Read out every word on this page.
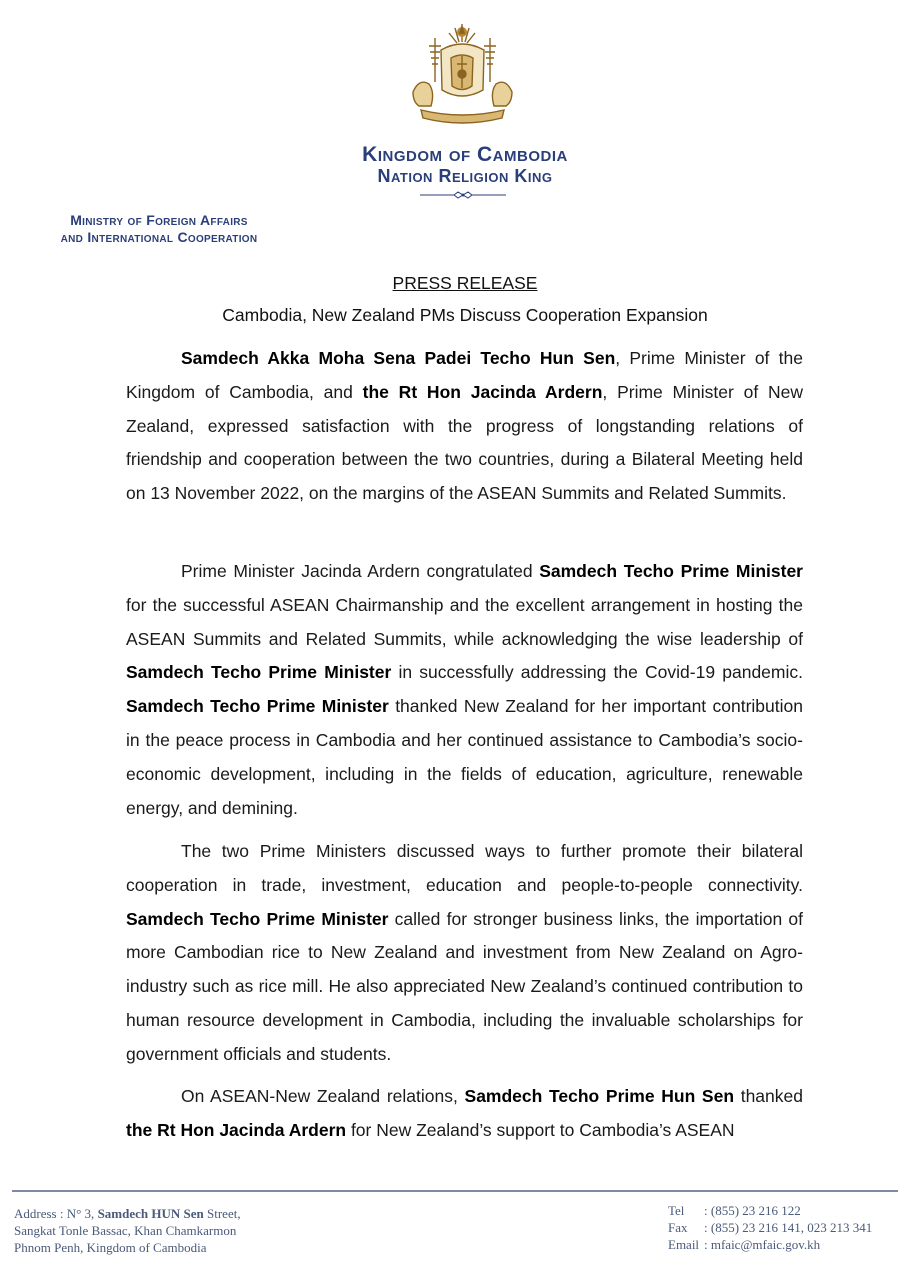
Kingdom of Cambodia
Nation Religion King
Ministry of Foreign Affairs
and International Cooperation
PRESS RELEASE
Cambodia, New Zealand PMs Discuss Cooperation Expansion

Samdech Akka Moha Sena Padei Techo Hun Sen, Prime Minister of the Kingdom of Cambodia, and the Rt Hon Jacinda Ardern, Prime Minister of New Zealand, expressed satisfaction with the progress of longstanding relations of friendship and cooperation between the two countries, during a Bilateral Meeting held on 13 November 2022, on the margins of the ASEAN Summits and Related Summits.

Prime Minister Jacinda Ardern congratulated Samdech Techo Prime Minister for the successful ASEAN Chairmanship and the excellent arrangement in hosting the ASEAN Summits and Related Summits, while acknowledging the wise leadership of Samdech Techo Prime Minister in successfully addressing the Covid-19 pandemic. Samdech Techo Prime Minister thanked New Zealand for her important contribution in the peace process in Cambodia and her continued assistance to Cambodia’s socio-economic development, including in the fields of education, agriculture, renewable energy, and demining.

The two Prime Ministers discussed ways to further promote their bilateral cooperation in trade, investment, education and people-to-people connectivity. Samdech Techo Prime Minister called for stronger business links, the importation of more Cambodian rice to New Zealand and investment from New Zealand on Agro-industry such as rice mill. He also appreciated New Zealand’s continued contribution to human resource development in Cambodia, including the invaluable scholarships for government officials and students.

On ASEAN-New Zealand relations, Samdech Techo Prime Hun Sen thanked the Rt Hon Jacinda Ardern for New Zealand’s support to Cambodia’s ASEAN

Address : N° 3, Samdech HUN Sen Street,
Sangkat Tonle Bassac, Khan Chamkarmon
Phnom Penh, Kingdom of Cambodia
Tel : (855) 23 216 122
Fax : (855) 23 216 141, 023 213 341
Email : mfaic@mfaic.gov.kh
